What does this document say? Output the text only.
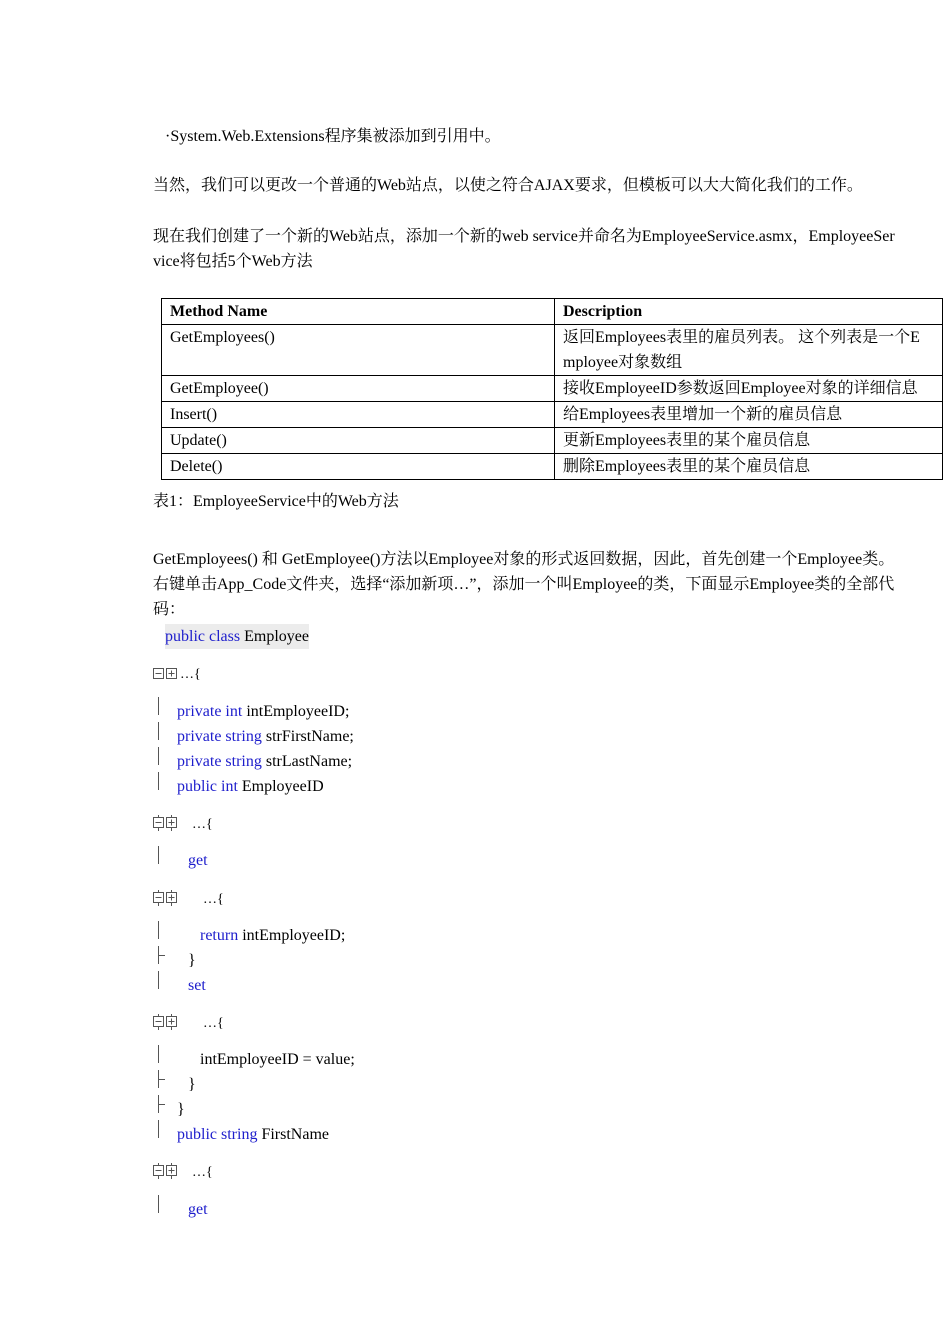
·System.Web.Extensions程序集被添加到引用中。
当然，我们可以更改一个普通的Web站点，以使之符合AJAX要求，但模板可以大大简化我们的工作。
现在我们创建了一个新的Web站点，添加一个新的web service并命名为EmployeeService.asmx，EmployeeSer
vice将包括5个Web方法
Method Name	Description
GetEmployees()	返回Employees表里的雇员列表。 这个列表是一个E
mployee对象数组

GetEmployee()	接收EmployeeID参数返回Employee对象的详细信息
Insert()	给Employees表里增加一个新的雇员信息
Update()	更新Employees表里的某个雇员信息
Delete()	删除Employees表里的某个雇员信息
表1：EmployeeService中的Web方法
GetEmployees() 和 GetEmployee()方法以Employee对象的形式返回数据，因此，首先创建一个Employee类。
右键单击App_Code文件夹，选择“添加新项…”，添加一个叫Employee的类，下面显示Employee类的全部代
码：
public class Employee
…{
private int intEmployeeID;
private string strFirstName;
private string strLastName;
public int EmployeeID
…{
get
…{
return intEmployeeID;
}
set
…{
intEmployeeID = value;
}
}
public string FirstName
…{
get
